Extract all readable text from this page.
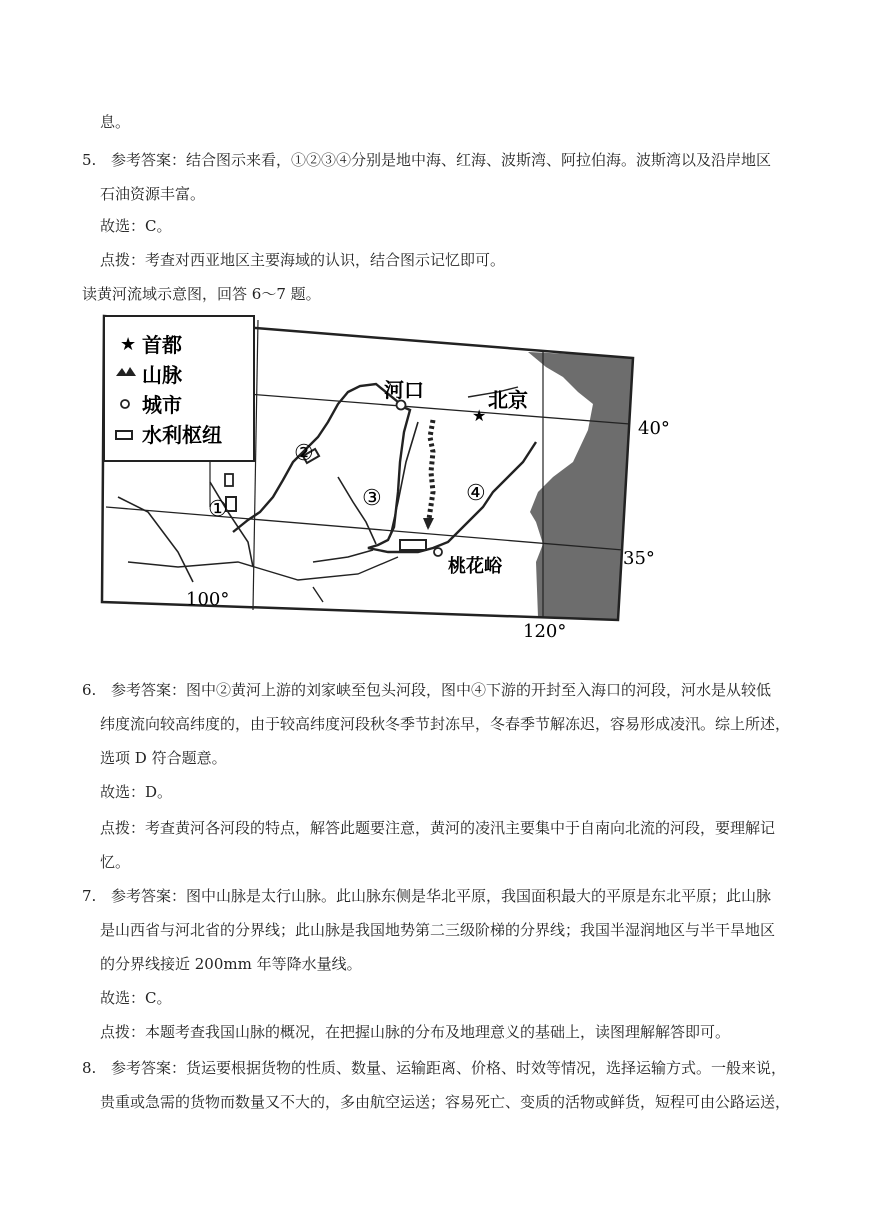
息。
5. 参考答案：结合图示来看，①②③④分别是地中海、红海、波斯湾、阿拉伯海。波斯湾以及沿岸地区
石油资源丰富。
故选：C。
点拨：考查对西亚地区主要海域的认识，结合图示记忆即可。
读黄河流域示意图，回答 6～7 题。
★ 首都
山脉
城市
水利枢纽
★
河口	北京
桃花峪
①
②
③	④
40°
35°
100°
120°
6. 参考答案：图中②黄河上游的刘家峡至包头河段，图中④下游的开封至入海口的河段，河水是从较低
纬度流向较高纬度的，由于较高纬度河段秋冬季节封冻早，冬春季节解冻迟，容易形成凌汛。综上所述，
选项 D 符合题意。
故选：D。
点拨：考查黄河各河段的特点，解答此题要注意，黄河的凌汛主要集中于自南向北流的河段，要理解记
忆。
7. 参考答案：图中山脉是太行山脉。此山脉东侧是华北平原，我国面积最大的平原是东北平原；此山脉
是山西省与河北省的分界线；此山脉是我国地势第二三级阶梯的分界线；我国半湿润地区与半干旱地区
的分界线接近 200mm 年等降水量线。
故选：C。
点拨：本题考查我国山脉的概况，在把握山脉的分布及地理意义的基础上，读图理解解答即可。
8. 参考答案：货运要根据货物的性质、数量、运输距离、价格、时效等情况，选择运输方式。一般来说，
贵重或急需的货物而数量又不大的，多由航空运送；容易死亡、变质的活物或鲜货，短程可由公路运送，
